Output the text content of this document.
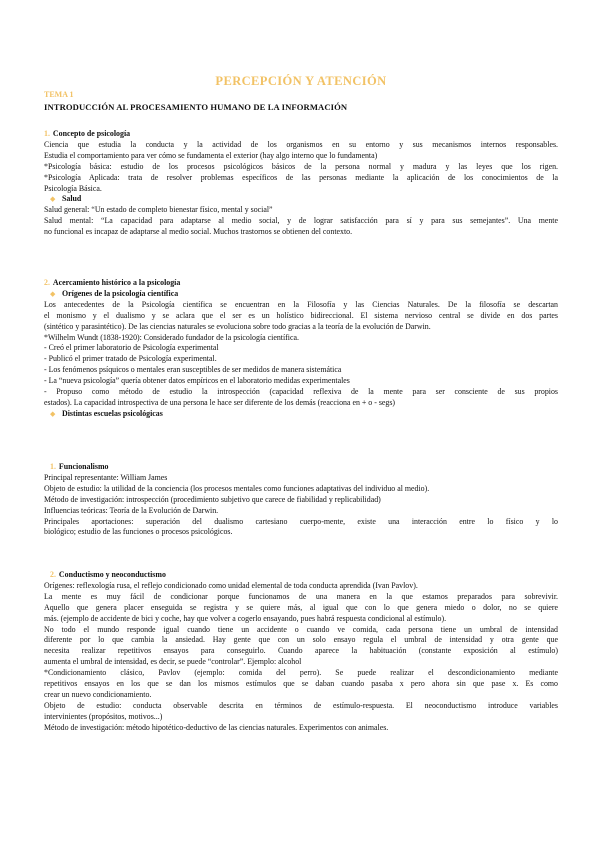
PERCEPCIÓN Y ATENCIÓN
TEMA 1
INTRODUCCIÓN AL PROCESAMIENTO HUMANO DE LA INFORMACIÓN

1. Concepto de psicología

Ciencia que estudia la conducta y la actividad de los organismos en su entorno y sus mecanismos internos responsables.

Estudia el comportamiento para ver cómo se fundamenta el exterior (hay algo interno que lo fundamenta)

*Psicología básica: estudio de los procesos psicológicos básicos de la persona normal y madura y las leyes que los rigen.

*Psicología Aplicada: trata de resolver problemas específicos de las personas mediante la aplicación de los conocimientos de la

Psicología Básica.

◆ Salud

Salud general: “Un estado de completo bienestar físico, mental y social”

Salud mental: “La capacidad para adaptarse al medio social, y de lograr satisfacción para sí y para sus semejantes”. Una mente

no funcional es incapaz de adaptarse al medio social. Muchos trastornos se obtienen del contexto.

2. Acercamiento histórico a la psicología

◆ Orígenes de la psicología científica

Los antecedentes de la Psicología científica se encuentran en la Filosofía y las Ciencias Naturales. De la filosofía se descartan

el monismo y el dualismo y se aclara que el ser es un holístico bidireccional. El sistema nervioso central se divide en dos partes

(sintético y parasintético). De las ciencias naturales se evoluciona sobre todo gracias a la teoría de la evolución de Darwin.

*Wilhelm Wundt (1838-1920): Considerado fundador de la psicología científica.

- Creó el primer laboratorio de Psicología experimental

- Publicó el primer tratado de Psicología experimental.

- Los fenómenos psíquicos o mentales eran susceptibles de ser medidos de manera sistemática

- La “nueva psicología” quería obtener datos empíricos en el laboratorio medidas experimentales

- Propuso como método de estudio la introspección (capacidad reflexiva de la mente para ser consciente de sus propios

estados). La capacidad introspectiva de una persona le hace ser diferente de los demás (reacciona en + o - segs)

◆ Distintas escuelas psicológicas

1. Funcionalismo

Principal representante: William James

Objeto de estudio: la utilidad de la conciencia (los procesos mentales como funciones adaptativas del individuo al medio).

Método de investigación: introspección (procedimiento subjetivo que carece de fiabilidad y replicabilidad)

Influencias teóricas: Teoría de la Evolución de Darwin.

Principales aportaciones: superación del dualismo cartesiano cuerpo-mente, existe una interacción entre lo físico y lo

biológico; estudio de las funciones o procesos psicológicos.

2. Conductismo y neoconductismo

Orígenes: reflexología rusa, el reflejo condicionado como unidad elemental de toda conducta aprendida (Ivan Pavlov).

La mente es muy fácil de condicionar porque funcionamos de una manera en la que estamos preparados para sobrevivir.

Aquello que genera placer enseguida se registra y se quiere más, al igual que con lo que genera miedo o dolor, no se quiere

más. (ejemplo de accidente de bici y coche, hay que volver a cogerlo ensayando, pues habrá respuesta condicional al estímulo).

No todo el mundo responde igual cuando tiene un accidente o cuando ve comida, cada persona tiene un umbral de intensidad

diferente por lo que cambia la ansiedad. Hay gente que con un solo ensayo regula el umbral de intensidad y otra gente que

necesita realizar repetitivos ensayos para conseguirlo. Cuando aparece la habituación (constante exposición al estímulo)

aumenta el umbral de intensidad, es decir, se puede “controlar”. Ejemplo: alcohol

*Condicionamiento clásico, Pavlov (ejemplo: comida del perro). Se puede realizar el descondicionamiento mediante

repetitivos ensayos en los que se dan los mismos estímulos que se daban cuando pasaba x pero ahora sin que pase x. Es como

crear un nuevo condicionamiento.

Objeto de estudio: conducta observable descrita en términos de estímulo-respuesta. El neoconductismo introduce variables

intervinientes (propósitos, motivos...)

Método de investigación: método hipotético-deductivo de las ciencias naturales. Experimentos con animales.
